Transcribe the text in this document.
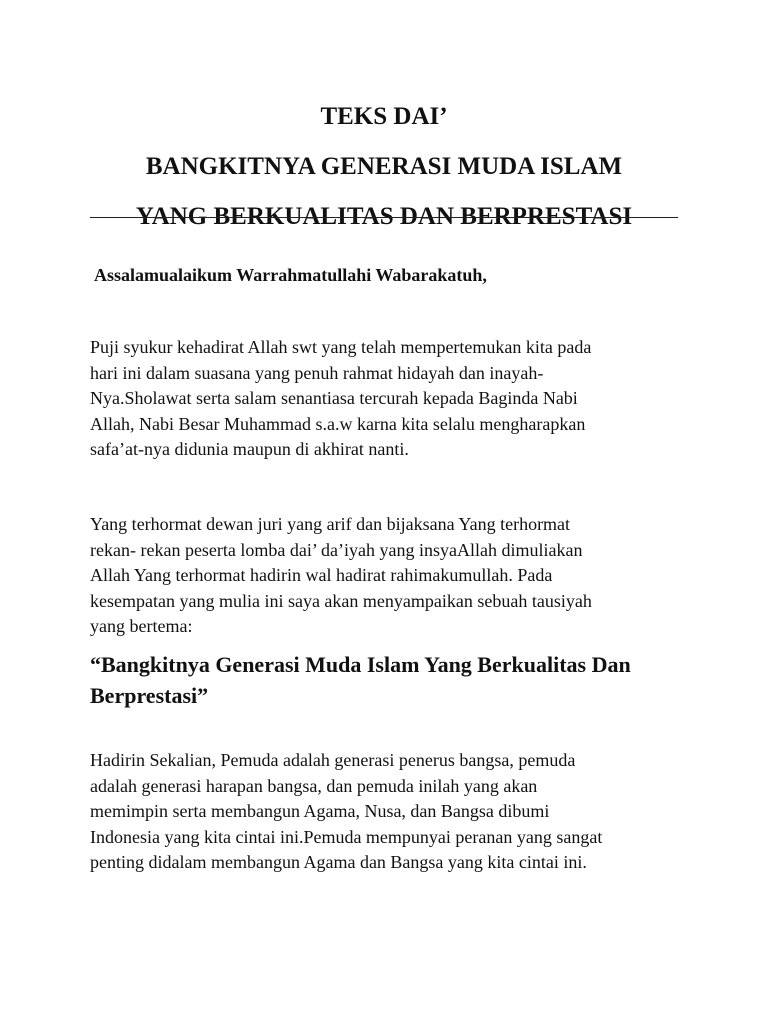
TEKS DAI’
BANGKITNYA GENERASI MUDA ISLAM
YANG BERKUALITAS DAN BERPRESTASI
Assalamualaikum Warrahmatullahi Wabarakatuh,
Puji syukur kehadirat Allah swt yang telah mempertemukan kita pada
hari ini dalam suasana yang penuh rahmat hidayah dan inayah-
Nya.Sholawat serta salam senantiasa tercurah kepada Baginda Nabi
Allah, Nabi Besar Muhammad s.a.w karna kita selalu mengharapkan
safa’at-nya didunia maupun di akhirat nanti.
Yang terhormat dewan juri yang arif dan bijaksana Yang terhormat
rekan- rekan peserta lomba dai’ da’iyah yang insyaAllah dimuliakan
Allah Yang terhormat hadirin wal hadirat rahimakumullah. Pada
kesempatan yang mulia ini saya akan menyampaikan sebuah tausiyah
yang bertema:
“Bangkitnya Generasi Muda Islam Yang Berkualitas Dan
Berprestasi”
Hadirin Sekalian, Pemuda adalah generasi penerus bangsa, pemuda
adalah generasi harapan bangsa, dan pemuda inilah yang akan
memimpin serta membangun Agama, Nusa, dan Bangsa dibumi
Indonesia yang kita cintai ini.Pemuda mempunyai peranan yang sangat
penting didalam membangun Agama dan Bangsa yang kita cintai ini.
